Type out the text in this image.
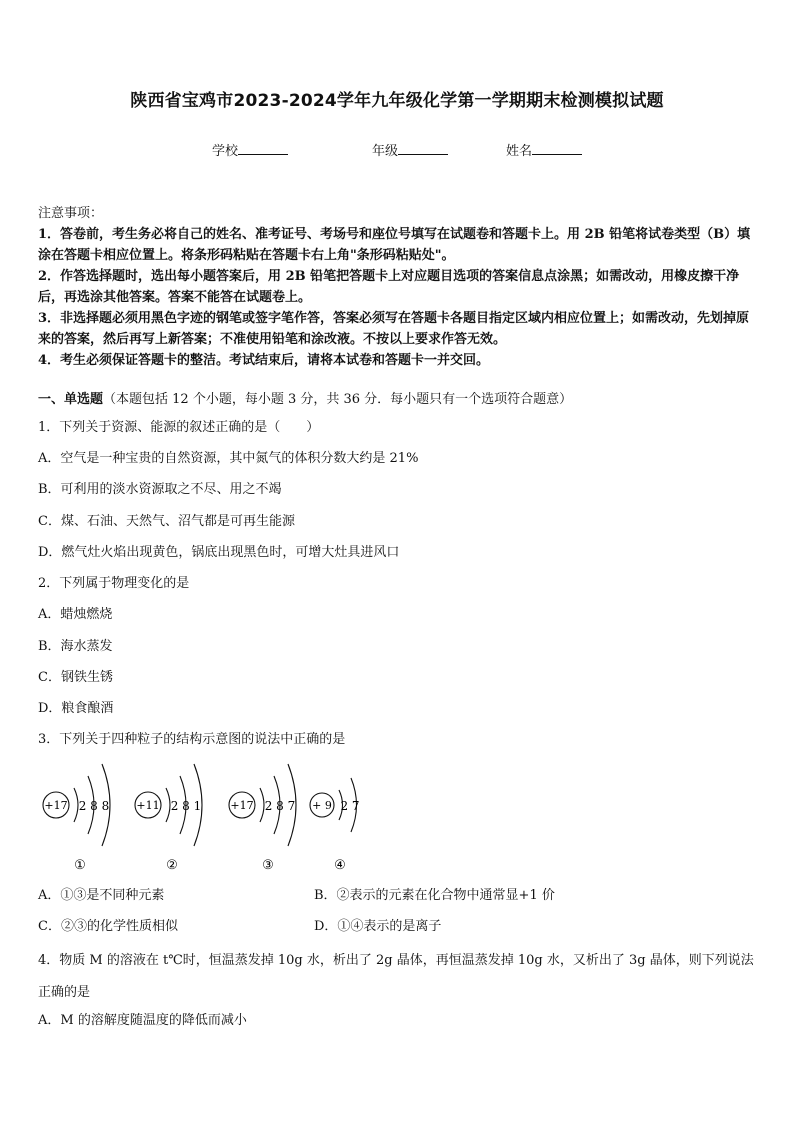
陕西省宝鸡市2023-2024学年九年级化学第一学期期末检测模拟试题
学校	年级	姓名
注意事项：
1．答卷前，考生务必将自己的姓名、准考证号、考场号和座位号填写在试题卷和答题卡上。用 2B 铅笔将试卷类型（B）填涂在答题卡相应位置上。将条形码粘贴在答题卡右上角"条形码粘贴处"。
2．作答选择题时，选出每小题答案后，用 2B 铅笔把答题卡上对应题目选项的答案信息点涂黑；如需改动，用橡皮擦干净后，再选涂其他答案。答案不能答在试题卷上。
3．非选择题必须用黑色字迹的钢笔或签字笔作答，答案必须写在答题卡各题目指定区域内相应位置上；如需改动，先划掉原来的答案，然后再写上新答案；不准使用铅笔和涂改液。不按以上要求作答无效。
4．考生必须保证答题卡的整洁。考试结束后，请将本试卷和答题卡一并交回。
一、单选题（本题包括 12 个小题，每小题 3 分，共 36 分．每小题只有一个选项符合题意）
1．下列关于资源、能源的叙述正确的是（　　）
A．空气是一种宝贵的自然资源，其中氮气的体积分数大约是 21%
B．可利用的淡水资源取之不尽、用之不竭
C．煤、石油、天然气、沼气都是可再生能源
D．燃气灶火焰出现黄色，锅底出现黑色时，可增大灶具进风口
2．下列属于物理变化的是
A．蜡烛燃烧
B．海水蒸发
C．钢铁生锈
D．粮食酿酒
3．下列关于四种粒子的结构示意图的说法中正确的是
+17 2 8 8
①
+11 2 8 1
②
+17 2 8 7
③
+ 9 2 7
④
A．①③是不同种元素	B．②表示的元素在化合物中通常显+1 价
C．②③的化学性质相似	D．①④表示的是离子
4．物质 M 的溶液在 t℃时，恒温蒸发掉 10g 水，析出了 2g 晶体，再恒温蒸发掉 10g 水，又析出了 3g 晶体，则下列说法正确的是
A．M 的溶解度随温度的降低而减小
